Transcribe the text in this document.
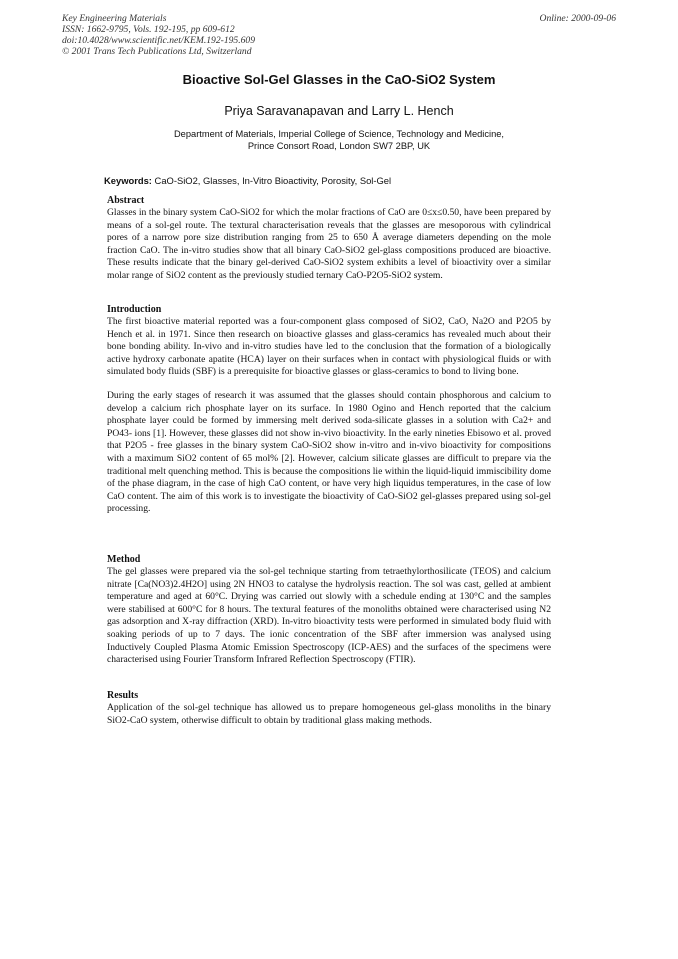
Key Engineering Materials
ISSN: 1662-9795, Vols. 192-195, pp 609-612
doi:10.4028/www.scientific.net/KEM.192-195.609
© 2001 Trans Tech Publications Ltd, Switzerland
Online: 2000-09-06
Bioactive Sol-Gel Glasses in the CaO-SiO2 System
Priya Saravanapavan and Larry L. Hench
Department of Materials, Imperial College of Science, Technology and Medicine,
Prince Consort Road, London SW7 2BP, UK
Keywords: CaO-SiO2, Glasses, In-Vitro Bioactivity, Porosity, Sol-Gel
Abstract

Glasses in the binary system CaO-SiO2 for which the molar fractions of CaO are 0≤x≤0.50, have been prepared by means of a sol-gel route. The textural characterisation reveals that the glasses are mesoporous with cylindrical pores of a narrow pore size distribution ranging from 25 to 650 Å average diameters depending on the mole fraction CaO. The in-vitro studies show that all binary CaO-SiO2 gel-glass compositions produced are bioactive. These results indicate that the binary gel-derived CaO-SiO2 system exhibits a level of bioactivity over a similar molar range of SiO2 content as the previously studied ternary CaO-P2O5-SiO2 system.

Introduction

The first bioactive material reported was a four-component glass composed of SiO2, CaO, Na2O and P2O5 by Hench et al. in 1971. Since then research on bioactive glasses and glass-ceramics has revealed much about their bone bonding ability. In-vivo and in-vitro studies have led to the conclusion that the formation of a biologically active hydroxy carbonate apatite (HCA) layer on their surfaces when in contact with physiological fluids or with simulated body fluids (SBF) is a prerequisite for bioactive glasses or glass-ceramics to bond to living bone.

During the early stages of research it was assumed that the glasses should contain phosphorous and calcium to develop a calcium rich phosphate layer on its surface. In 1980 Ogino and Hench reported that the calcium phosphate layer could be formed by immersing melt derived soda-silicate glasses in a solution with Ca2+ and PO43- ions [1]. However, these glasses did not show in-vivo bioactivity. In the early nineties Ebisowo et al. proved that P2O5 - free glasses in the binary system CaO-SiO2 show in-vitro and in-vivo bioactivity for compositions with a maximum SiO2 content of 65 mol% [2]. However, calcium silicate glasses are difficult to prepare via the traditional melt quenching method. This is because the compositions lie within the liquid-liquid immiscibility dome of the phase diagram, in the case of high CaO content, or have very high liquidus temperatures, in the case of low CaO content. The aim of this work is to investigate the bioactivity of CaO-SiO2 gel-glasses prepared using sol-gel processing.

Method

The gel glasses were prepared via the sol-gel technique starting from tetraethylorthosilicate (TEOS) and calcium nitrate [Ca(NO3)2.4H2O] using 2N HNO3 to catalyse the hydrolysis reaction. The sol was cast, gelled at ambient temperature and aged at 60°C. Drying was carried out slowly with a schedule ending at 130°C and the samples were stabilised at 600°C for 8 hours. The textural features of the monoliths obtained were characterised using N2 gas adsorption and X-ray diffraction (XRD). In-vitro bioactivity tests were performed in simulated body fluid with soaking periods of up to 7 days. The ionic concentration of the SBF after immersion was analysed using Inductively Coupled Plasma Atomic Emission Spectroscopy (ICP-AES) and the surfaces of the specimens were characterised using Fourier Transform Infrared Reflection Spectroscopy (FTIR).

Results

Application of the sol-gel technique has allowed us to prepare homogeneous gel-glass monoliths in the binary SiO2-CaO system, otherwise difficult to obtain by traditional glass making methods.
